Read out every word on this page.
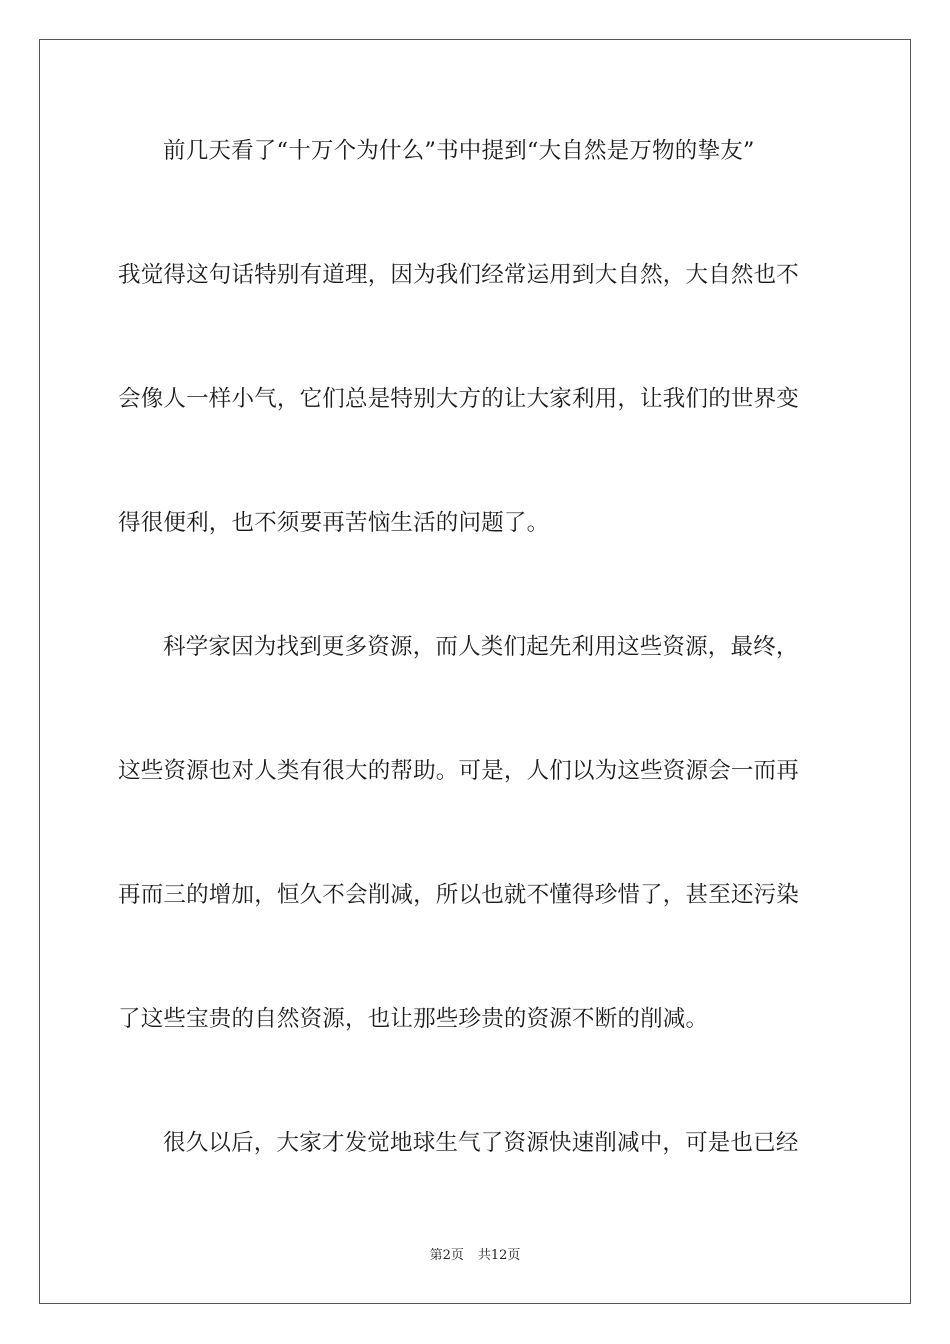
前几天看了“十万个为什么”书中提到“大自然是万物的挚友”
我觉得这句话特别有道理，因为我们经常运用到大自然，大自然也不
会像人一样小气，它们总是特别大方的让大家利用，让我们的世界变
得很便利，也不须要再苦恼生活的问题了。
科学家因为找到更多资源，而人类们起先利用这些资源，最终，
这些资源也对人类有很大的帮助。可是，人们以为这些资源会一而再
再而三的增加，恒久不会削减，所以也就不懂得珍惜了，甚至还污染
了这些宝贵的自然资源，也让那些珍贵的资源不断的削减。
很久以后，大家才发觉地球生气了资源快速削减中，可是也已经
第2页 共12页
